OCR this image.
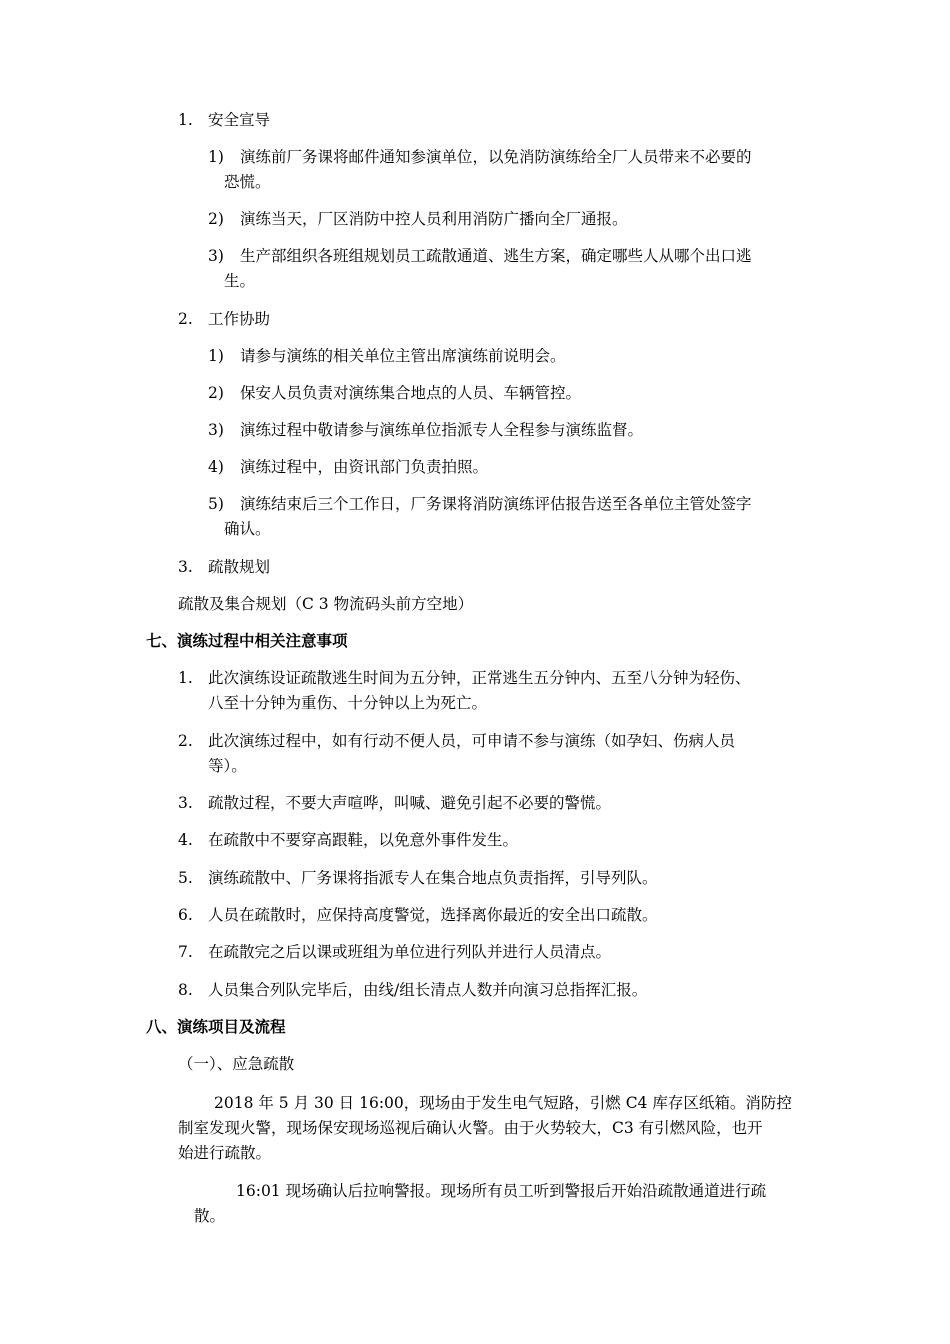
1. 安全宣导
1) 演练前厂务课将邮件通知参演单位，以免消防演练给全厂人员带来不必要的
恐慌。
2) 演练当天，厂区消防中控人员利用消防广播向全厂通报。
3) 生产部组织各班组规划员工疏散通道、逃生方案，确定哪些人从哪个出口逃
生。
2. 工作协助
1) 请参与演练的相关单位主管出席演练前说明会。
2) 保安人员负责对演练集合地点的人员、车辆管控。
3) 演练过程中敬请参与演练单位指派专人全程参与演练监督。
4) 演练过程中，由资讯部门负责拍照。
5) 演练结束后三个工作日，厂务课将消防演练评估报告送至各单位主管处签字
确认。
3. 疏散规划
疏散及集合规划（C 3 物流码头前方空地）
七、演练过程中相关注意事项
1. 此次演练设证疏散逃生时间为五分钟，正常逃生五分钟内、五至八分钟为轻伤、
八至十分钟为重伤、十分钟以上为死亡。
2. 此次演练过程中，如有行动不便人员，可申请不参与演练（如孕妇、伤病人员
等）。
3. 疏散过程，不要大声喧哗，叫喊、避免引起不必要的警慌。
4. 在疏散中不要穿高跟鞋，以免意外事件发生。
5. 演练疏散中、厂务课将指派专人在集合地点负责指挥，引导列队。
6. 人员在疏散时，应保持高度警觉，选择离你最近的安全出口疏散。
7. 在疏散完之后以课或班组为单位进行列队并进行人员清点。
8. 人员集合列队完毕后，由线/组长清点人数并向演习总指挥汇报。
八、演练项目及流程
（一）、应急疏散
2018 年 5 月 30 日 16:00，现场由于发生电气短路，引燃 C4 库存区纸箱。消防控
制室发现火警，现场保安现场巡视后确认火警。由于火势较大，C3 有引燃风险，也开
始进行疏散。
16:01 现场确认后拉响警报。现场所有员工听到警报后开始沿疏散通道进行疏
散。
